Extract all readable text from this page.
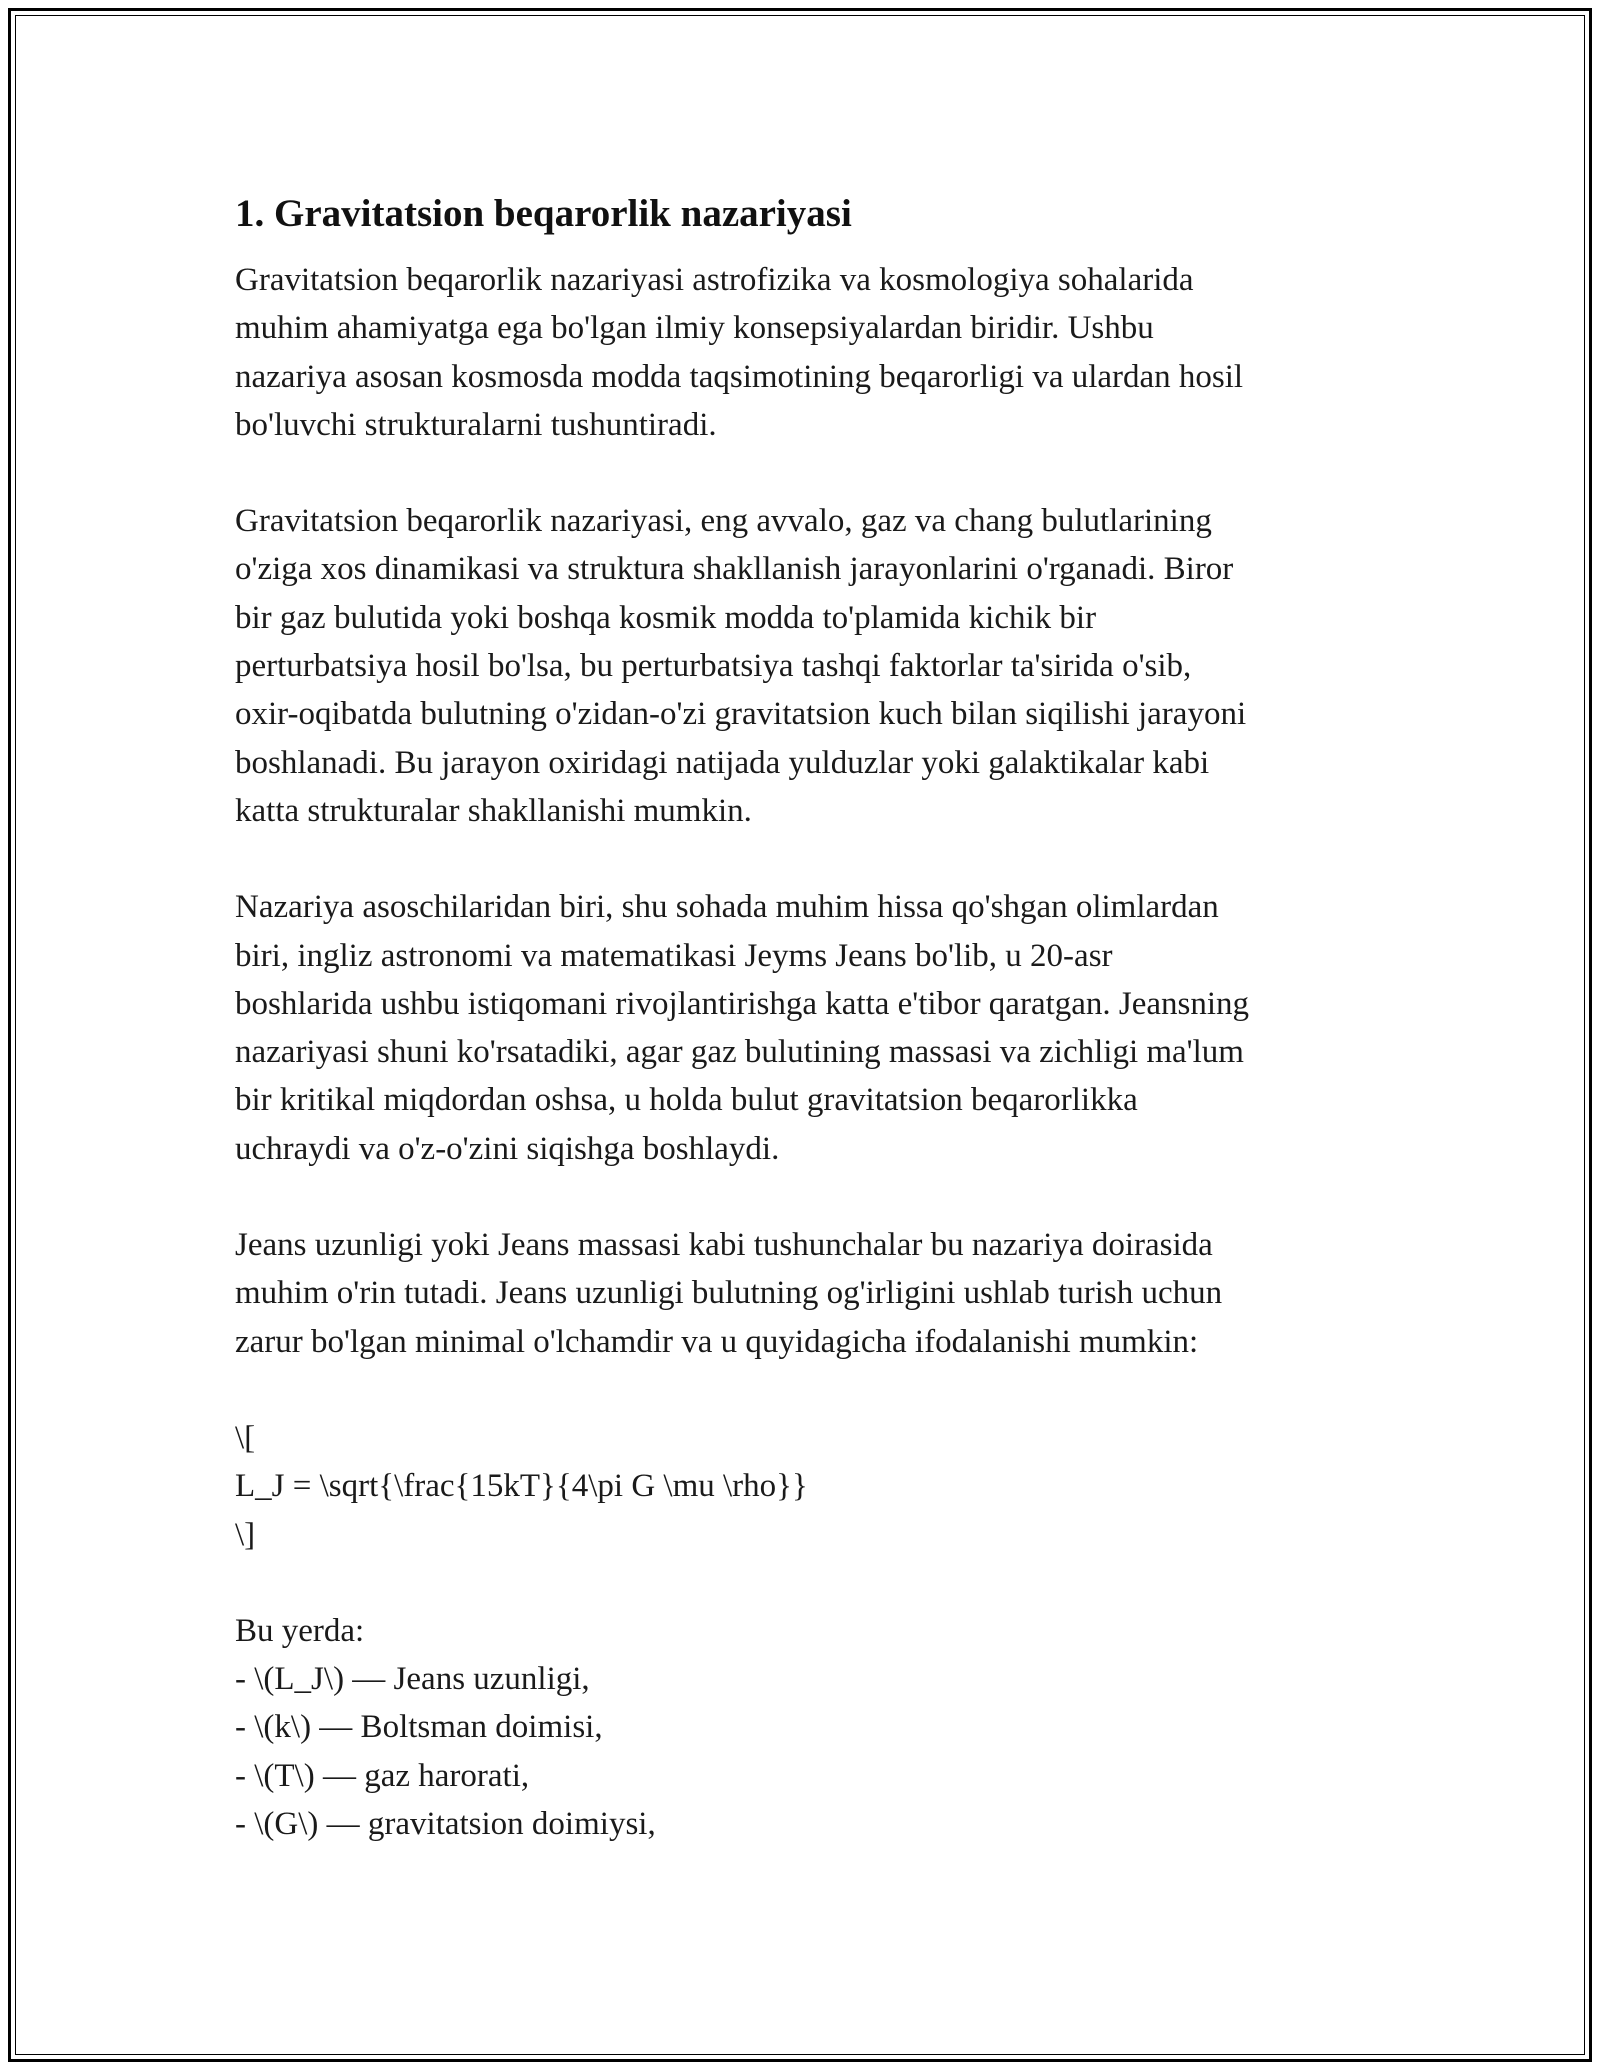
1. Gravitatsion beqarorlik nazariyasi
Gravitatsion beqarorlik nazariyasi astrofizika va kosmologiya sohalarida
muhim ahamiyatga ega bo'lgan ilmiy konsepsiyalardan biridir. Ushbu
nazariya asosan kosmosda modda taqsimotining beqarorligi va ulardan hosil
bo'luvchi strukturalarni tushuntiradi.
Gravitatsion beqarorlik nazariyasi, eng avvalo, gaz va chang bulutlarining
o'ziga xos dinamikasi va struktura shakllanish jarayonlarini o'rganadi. Biror
bir gaz bulutida yoki boshqa kosmik modda to'plamida kichik bir
perturbatsiya hosil bo'lsa, bu perturbatsiya tashqi faktorlar ta'sirida o'sib,
oxir-oqibatda bulutning o'zidan-o'zi gravitatsion kuch bilan siqilishi jarayoni
boshlanadi. Bu jarayon oxiridagi natijada yulduzlar yoki galaktikalar kabi
katta strukturalar shakllanishi mumkin.
Nazariya asoschilaridan biri, shu sohada muhim hissa qo'shgan olimlardan
biri, ingliz astronomi va matematikasi Jeyms Jeans bo'lib, u 20-asr
boshlarida ushbu istiqomani rivojlantirishga katta e'tibor qaratgan. Jeansning
nazariyasi shuni ko'rsatadiki, agar gaz bulutining massasi va zichligi ma'lum
bir kritikal miqdordan oshsa, u holda bulut gravitatsion beqarorlikka
uchraydi va o'z-o'zini siqishga boshlaydi.
Jeans uzunligi yoki Jeans massasi kabi tushunchalar bu nazariya doirasida
muhim o'rin tutadi. Jeans uzunligi bulutning og'irligini ushlab turish uchun
zarur bo'lgan minimal o'lchamdir va u quyidagicha ifodalanishi mumkin:
\[
L_J = \sqrt{\frac{15kT}{4\pi G \mu \rho}}
\]
Bu yerda:
- \(L_J\) — Jeans uzunligi,
- \(k\) — Boltsman doimisi,
- \(T\) — gaz harorati,
- \(G\) — gravitatsion doimiysi,
